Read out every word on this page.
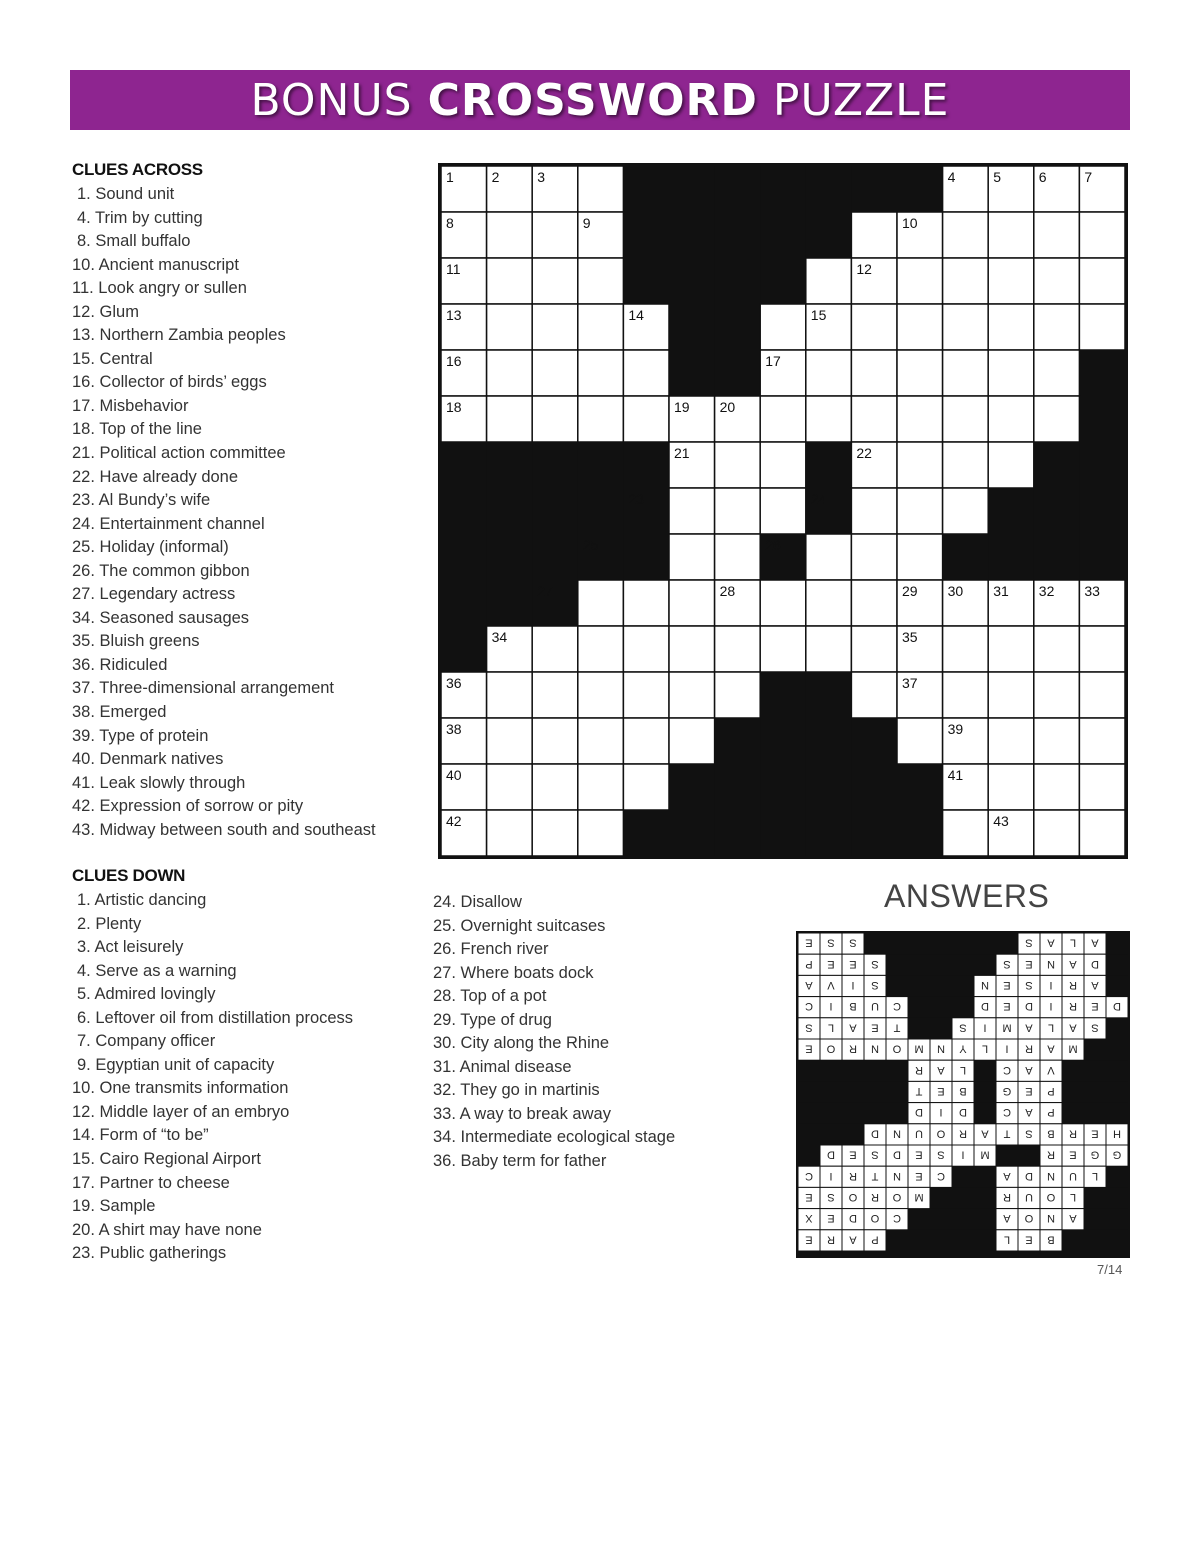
BONUS CROSSWORD PUZZLE
CLUES ACROSS
1. Sound unit
4. Trim by cutting
8. Small buffalo
10. Ancient manuscript
11. Look angry or sullen
12. Glum
13. Northern Zambia peoples
15. Central
16. Collector of birds’ eggs
17. Misbehavior
18. Top of the line
21. Political action committee
22. Have already done
23. Al Bundy’s wife
24. Entertainment channel
25. Holiday (informal)
26. The common gibbon
27. Legendary actress
34. Seasoned sausages
35. Bluish greens
36. Ridiculed
37. Three-dimensional arrangement
38. Emerged
39. Type of protein
40. Denmark natives
41. Leak slowly through
42. Expression of sorrow or pity
43. Midway between south and southeast
CLUES DOWN
1. Artistic dancing
2. Plenty
3. Act leisurely
4. Serve as a warning
5. Admired lovingly
6. Leftover oil from distillation process
7. Company officer
9. Egyptian unit of capacity
10. One transmits information
12. Middle layer of an embryo
14. Form of “to be”
15. Cairo Regional Airport
17. Partner to cheese
19. Sample
20. A shirt may have none
23. Public gatherings
24. Disallow
25. Overnight suitcases
26. French river
27. Where boats dock
28. Top of a pot
29. Type of drug
30. City along the Rhine
31. Animal disease
32. They go in martinis
33. A way to break away
34. Intermediate ecological stage
36. Baby term for father
1	2	3	4	5	6	7
8	9	10
11	12
13	14	15
16	17
18	19 20
21	22
23	24
25	26
27	28	29 30 31 32 33
34	35
36	37
38	39
40	41
42	43
ANSWERS
E S S	S A L A
P E E S	S E N A D
A V I S	N E S I R A
C I B U C	D E D I R E D
S L A E T	S I M A L A S
E O R N O M N Y L I R A M
R A L	C A V
T E B	G E P
D I D	C A P
D N U O R A T S B R E H
D E S D E S I M	R E G G
C I R T N E C	A D N U L
E S O R O M	R U O L
X E D O C	A O N A
E R A P	L E B
7/14
